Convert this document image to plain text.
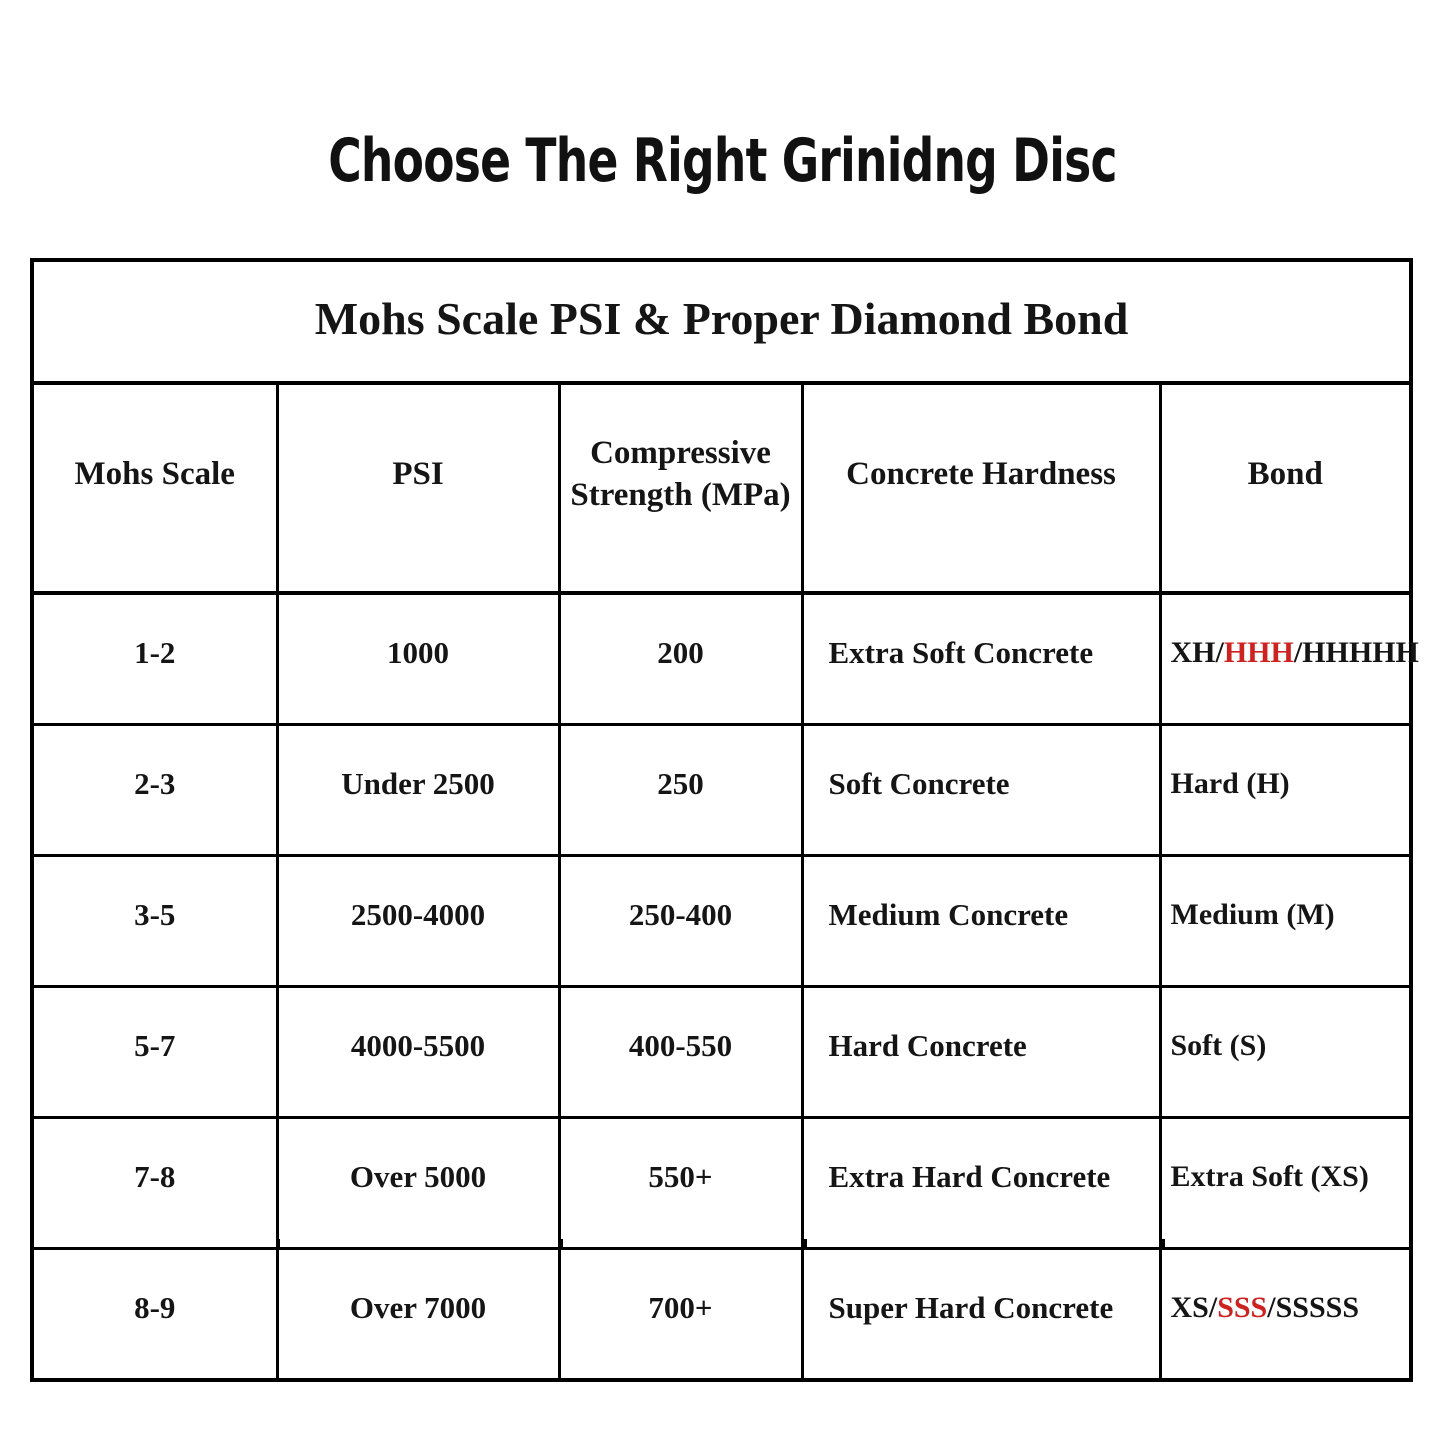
Choose The Right Grinidng Disc
Mohs Scale PSI & Proper Diamond Bond				
Mohs Scale	PSI	Compressive Strength (MPa)	Concrete Hardness	Bond
1-2	1000	200	Extra Soft Concrete	XH/HHH/HHHHH
2-3	Under 2500	250	Soft Concrete	Hard (H)
3-5	2500-4000	250-400	Medium Concrete	Medium (M)
5-7	4000-5500	400-550	Hard Concrete	Soft (S)
7-8	Over 5000	550+	Extra Hard Concrete	Extra Soft (XS)
8-9	Over 7000	700+	Super Hard Concrete	XS/SSS/SSSSS
